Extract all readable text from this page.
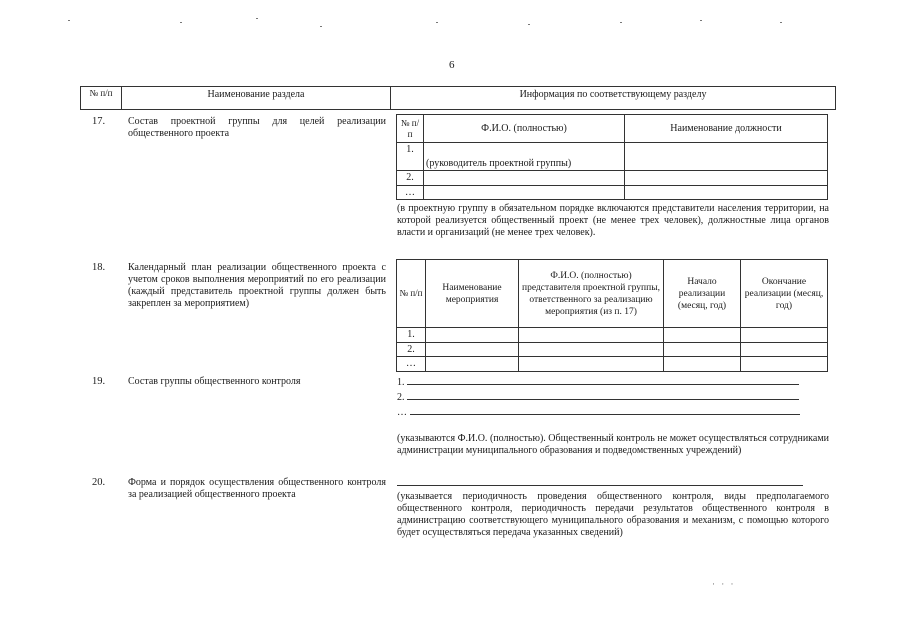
6
№ п/п	Наименование раздела	Информация по соответствующему разделу
17. Состав проектной группы для целей реализации общественного проекта
№ п/п	Ф.И.О. (полностью)	Наименование должности
1.	(руководитель проектной группы)	
2.		
…		
(в проектную группу в обязательном порядке включаются представители населения территории, на которой реализуется общественный проект (не менее трех человек), должностные лица органов власти и организаций (не менее трех человек).
18. Календарный план реализации общественного проекта с учетом сроков выполнения мероприятий по его реализации (каждый представитель проектной группы должен быть закреплен за мероприятием)
№ п/п	Наименование мероприятия	Ф.И.О. (полностью) представителя проектной группы, ответственного за реализацию мероприятия (из п. 17)	Начало реализации (месяц, год)	Окончание реализации (месяц, год)
1.				
2.				
…				
19. Состав группы общественного контроля	1.
2.
…
(указываются Ф.И.О. (полностью). Общественный контроль не может осуществляться сотрудниками администрации муниципального образования и подведомственных учреждений)
20. Форма и порядок осуществления общественного контроля за реализацией общественного проекта	(указывается периодичность проведения общественного контроля, виды предполагаемого общественного контроля, периодичность передачи результатов общественного контроля в администрацию соответствующего муниципального образования и механизм, с помощью которого будет осуществляться передача указанных сведений)
· · ·
